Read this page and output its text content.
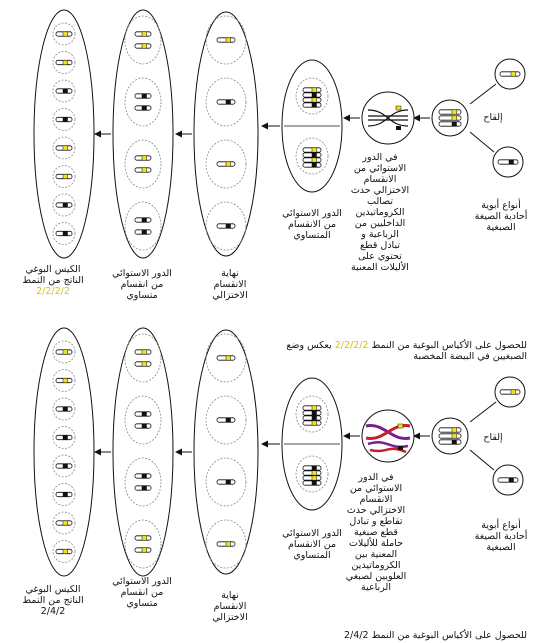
أنواع أبوية أحادية الصيغة الصبغية
إلقاح
في الدور الاستوائي من الانقسام الاختزالي حدث تصالب الكروماتيدين الداخليين من الرباعية و تبادل قطع تحتوي على الأليلات المعنية
الدور الاستوائي من الانقسام المتساوي
نهاية الانقسام الاختزالي
الدور الاستوائي من انقسام متساوي
الكيس البوغي الناتج من النمط
2/2/2/2
للحصول على الأكياس البوغية من النمط 2/2/2/2 يعكس وضع الصبغيين في البيضة المخصبة
أنواع أبوية أحادية الصيغة الصبغية
إلقاح
في الدور الاستوائي من الانقسام الاختزالي حدث تقاطع و تبادل قطع صبغية حاملة للأليلات المعنية بين الكروماتيدين العلويين لصبغي الرباعية
الدور الاستوائي من الانقسام المتساوي
نهاية الانقسام الاختزالي
الدور الاستوائي من انقسام متساوي
الكيس البوغي الناتج من النمط
2/4/2
للحصول على الأكياس البوغية من النمط 2/4/2
